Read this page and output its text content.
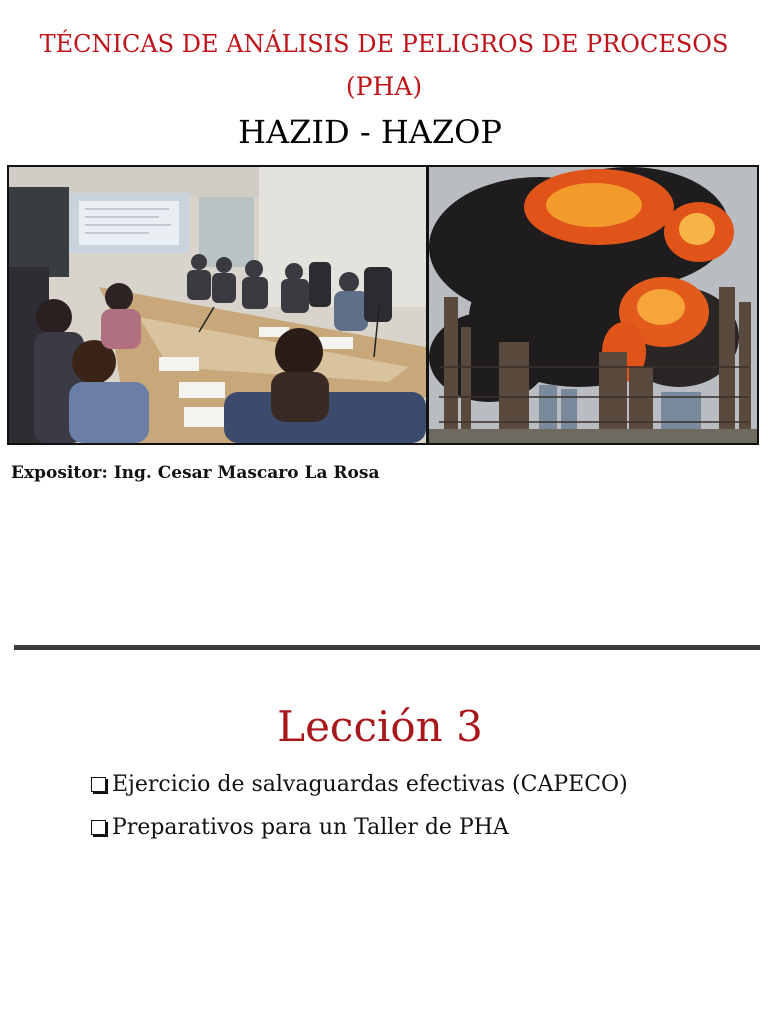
TÉCNICAS DE ANÁLISIS DE PELIGROS DE PROCESOS
(PHA)
HAZID - HAZOP
Expositor: Ing. Cesar Mascaro La Rosa
Lección 3
Ejercicio de salvaguardas efectivas (CAPECO)
Preparativos para un Taller de PHA
